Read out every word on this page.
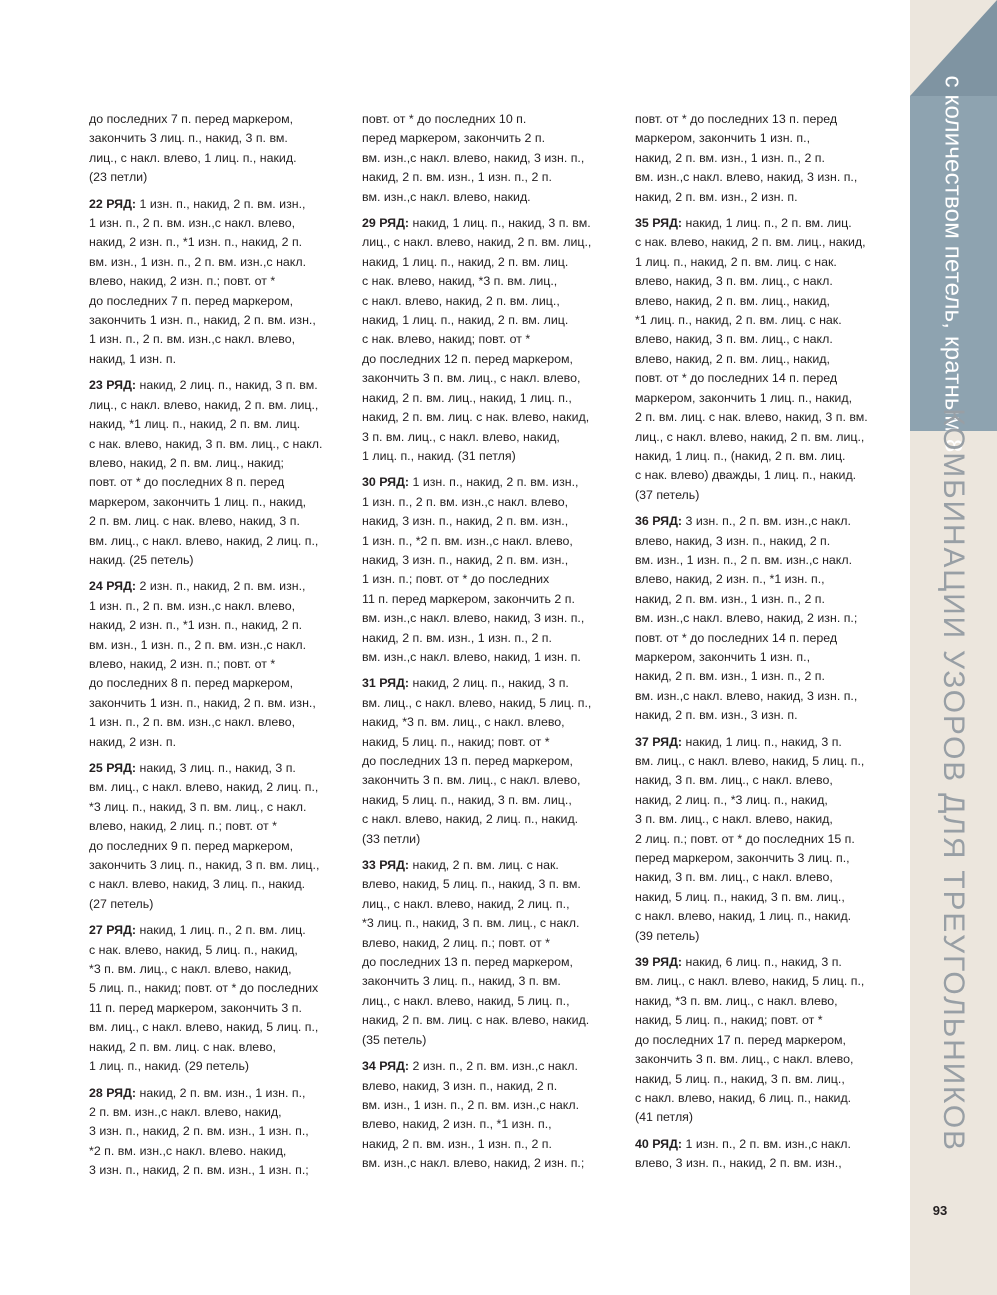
с количеством петель, кратным 8
КОМБИНАЦИИ УЗОРОВ ДЛЯ ТРЕУГОЛЬНИКОВ
до последних 7 п. перед маркером,
закончить 3 лиц. п., накид, 3 п. вм.
лиц., с накл. влево, 1 лиц. п., накид.
(23 петли)
22 РЯД: 1 изн. п., накид, 2 п. вм. изн.,
1 изн. п., 2 п. вм. изн.,с накл. влево,
накид, 2 изн. п., *1 изн. п., накид, 2 п.
вм. изн., 1 изн. п., 2 п. вм. изн.,с накл.
влево, накид, 2 изн. п.; повт. от *
до последних 7 п. перед маркером,
закончить 1 изн. п., накид, 2 п. вм. изн.,
1 изн. п., 2 п. вм. изн.,с накл. влево,
накид, 1 изн. п.
23 РЯД: накид, 2 лиц. п., накид, 3 п. вм.
лиц., с накл. влево, накид, 2 п. вм. лиц.,
накид, *1 лиц. п., накид, 2 п. вм. лиц.
с нак. влево, накид, 3 п. вм. лиц., с накл.
влево, накид, 2 п. вм. лиц., накид;
повт. от * до последних 8 п. перед
маркером, закончить 1 лиц. п., накид,
2 п. вм. лиц. с нак. влево, накид, 3 п.
вм. лиц., с накл. влево, накид, 2 лиц. п.,
накид. (25 петель)
24 РЯД: 2 изн. п., накид, 2 п. вм. изн.,
1 изн. п., 2 п. вм. изн.,с накл. влево,
накид, 2 изн. п., *1 изн. п., накид, 2 п.
вм. изн., 1 изн. п., 2 п. вм. изн.,с накл.
влево, накид, 2 изн. п.; повт. от *
до последних 8 п. перед маркером,
закончить 1 изн. п., накид, 2 п. вм. изн.,
1 изн. п., 2 п. вм. изн.,с накл. влево,
накид, 2 изн. п.
25 РЯД: накид, 3 лиц. п., накид, 3 п.
вм. лиц., с накл. влево, накид, 2 лиц. п.,
*3 лиц. п., накид, 3 п. вм. лиц., с накл.
влево, накид, 2 лиц. п.; повт. от *
до последних 9 п. перед маркером,
закончить 3 лиц. п., накид, 3 п. вм. лиц.,
с накл. влево, накид, 3 лиц. п., накид.
(27 петель)
27 РЯД: накид, 1 лиц. п., 2 п. вм. лиц.
с нак. влево, накид, 5 лиц. п., накид,
*3 п. вм. лиц., с накл. влево, накид,
5 лиц. п., накид; повт. от * до последних
11 п. перед маркером, закончить 3 п.
вм. лиц., с накл. влево, накид, 5 лиц. п.,
накид, 2 п. вм. лиц. с нак. влево,
1 лиц. п., накид. (29 петель)
28 РЯД: накид, 2 п. вм. изн., 1 изн. п.,
2 п. вм. изн.,с накл. влево, накид,
3 изн. п., накид, 2 п. вм. изн., 1 изн. п.,
*2 п. вм. изн.,с накл. влево. накид,
3 изн. п., накид, 2 п. вм. изн., 1 изн. п.;
повт. от * до последних 10 п.
перед маркером, закончить 2 п.
вм. изн.,с накл. влево, накид, 3 изн. п.,
накид, 2 п. вм. изн., 1 изн. п., 2 п.
вм. изн.,с накл. влево, накид.
29 РЯД: накид, 1 лиц. п., накид, 3 п. вм.
лиц., с накл. влево, накид, 2 п. вм. лиц.,
накид, 1 лиц. п., накид, 2 п. вм. лиц.
с нак. влево, накид, *3 п. вм. лиц.,
с накл. влево, накид, 2 п. вм. лиц.,
накид, 1 лиц. п., накид, 2 п. вм. лиц.
с нак. влево, накид; повт. от *
до последних 12 п. перед маркером,
закончить 3 п. вм. лиц., с накл. влево,
накид, 2 п. вм. лиц., накид, 1 лиц. п.,
накид, 2 п. вм. лиц. с нак. влево, накид,
3 п. вм. лиц., с накл. влево, накид,
1 лиц. п., накид. (31 петля)
30 РЯД: 1 изн. п., накид, 2 п. вм. изн.,
1 изн. п., 2 п. вм. изн.,с накл. влево,
накид, 3 изн. п., накид, 2 п. вм. изн.,
1 изн. п., *2 п. вм. изн.,с накл. влево,
накид, 3 изн. п., накид, 2 п. вм. изн.,
1 изн. п.; повт. от * до последних
11 п. перед маркером, закончить 2 п.
вм. изн.,с накл. влево, накид, 3 изн. п.,
накид, 2 п. вм. изн., 1 изн. п., 2 п.
вм. изн.,с накл. влево, накид, 1 изн. п.
31 РЯД: накид, 2 лиц. п., накид, 3 п.
вм. лиц., с накл. влево, накид, 5 лиц. п.,
накид, *3 п. вм. лиц., с накл. влево,
накид, 5 лиц. п., накид; повт. от *
до последних 13 п. перед маркером,
закончить 3 п. вм. лиц., с накл. влево,
накид, 5 лиц. п., накид, 3 п. вм. лиц.,
с накл. влево, накид, 2 лиц. п., накид.
(33 петли)
33 РЯД: накид, 2 п. вм. лиц. с нак.
влево, накид, 5 лиц. п., накид, 3 п. вм.
лиц., с накл. влево, накид, 2 лиц. п.,
*3 лиц. п., накид, 3 п. вм. лиц., с накл.
влево, накид, 2 лиц. п.; повт. от *
до последних 13 п. перед маркером,
закончить 3 лиц. п., накид, 3 п. вм.
лиц., с накл. влево, накид, 5 лиц. п.,
накид, 2 п. вм. лиц. с нак. влево, накид.
(35 петель)
34 РЯД: 2 изн. п., 2 п. вм. изн.,с накл.
влево, накид, 3 изн. п., накид, 2 п.
вм. изн., 1 изн. п., 2 п. вм. изн.,с накл.
влево, накид, 2 изн. п., *1 изн. п.,
накид, 2 п. вм. изн., 1 изн. п., 2 п.
вм. изн.,с накл. влево, накид, 2 изн. п.;
повт. от * до последних 13 п. перед
маркером, закончить 1 изн. п.,
накид, 2 п. вм. изн., 1 изн. п., 2 п.
вм. изн.,с накл. влево, накид, 3 изн. п.,
накид, 2 п. вм. изн., 2 изн. п.
35 РЯД: накид, 1 лиц. п., 2 п. вм. лиц.
с нак. влево, накид, 2 п. вм. лиц., накид,
1 лиц. п., накид, 2 п. вм. лиц. с нак.
влево, накид, 3 п. вм. лиц., с накл.
влево, накид, 2 п. вм. лиц., накид,
*1 лиц. п., накид, 2 п. вм. лиц. с нак.
влево, накид, 3 п. вм. лиц., с накл.
влево, накид, 2 п. вм. лиц., накид,
повт. от * до последних 14 п. перед
маркером, закончить 1 лиц. п., накид,
2 п. вм. лиц. с нак. влево, накид, 3 п. вм.
лиц., с накл. влево, накид, 2 п. вм. лиц.,
накид, 1 лиц. п., (накид, 2 п. вм. лиц.
с нак. влево) дважды, 1 лиц. п., накид.
(37 петель)
36 РЯД: 3 изн. п., 2 п. вм. изн.,с накл.
влево, накид, 3 изн. п., накид, 2 п.
вм. изн., 1 изн. п., 2 п. вм. изн.,с накл.
влево, накид, 2 изн. п., *1 изн. п.,
накид, 2 п. вм. изн., 1 изн. п., 2 п.
вм. изн.,с накл. влево, накид, 2 изн. п.;
повт. от * до последних 14 п. перед
маркером, закончить 1 изн. п.,
накид, 2 п. вм. изн., 1 изн. п., 2 п.
вм. изн.,с накл. влево, накид, 3 изн. п.,
накид, 2 п. вм. изн., 3 изн. п.
37 РЯД: накид, 1 лиц. п., накид, 3 п.
вм. лиц., с накл. влево, накид, 5 лиц. п.,
накид, 3 п. вм. лиц., с накл. влево,
накид, 2 лиц. п., *3 лиц. п., накид,
3 п. вм. лиц., с накл. влево, накид,
2 лиц. п.; повт. от * до последних 15 п.
перед маркером, закончить 3 лиц. п.,
накид, 3 п. вм. лиц., с накл. влево,
накид, 5 лиц. п., накид, 3 п. вм. лиц.,
с накл. влево, накид, 1 лиц. п., накид.
(39 петель)
39 РЯД: накид, 6 лиц. п., накид, 3 п.
вм. лиц., с накл. влево, накид, 5 лиц. п.,
накид, *3 п. вм. лиц., с накл. влево,
накид, 5 лиц. п., накид; повт. от *
до последних 17 п. перед маркером,
закончить 3 п. вм. лиц., с накл. влево,
накид, 5 лиц. п., накид, 3 п. вм. лиц.,
с накл. влево, накид, 6 лиц. п., накид.
(41 петля)
40 РЯД: 1 изн. п., 2 п. вм. изн.,с накл.
влево, 3 изн. п., накид, 2 п. вм. изн.,
93
